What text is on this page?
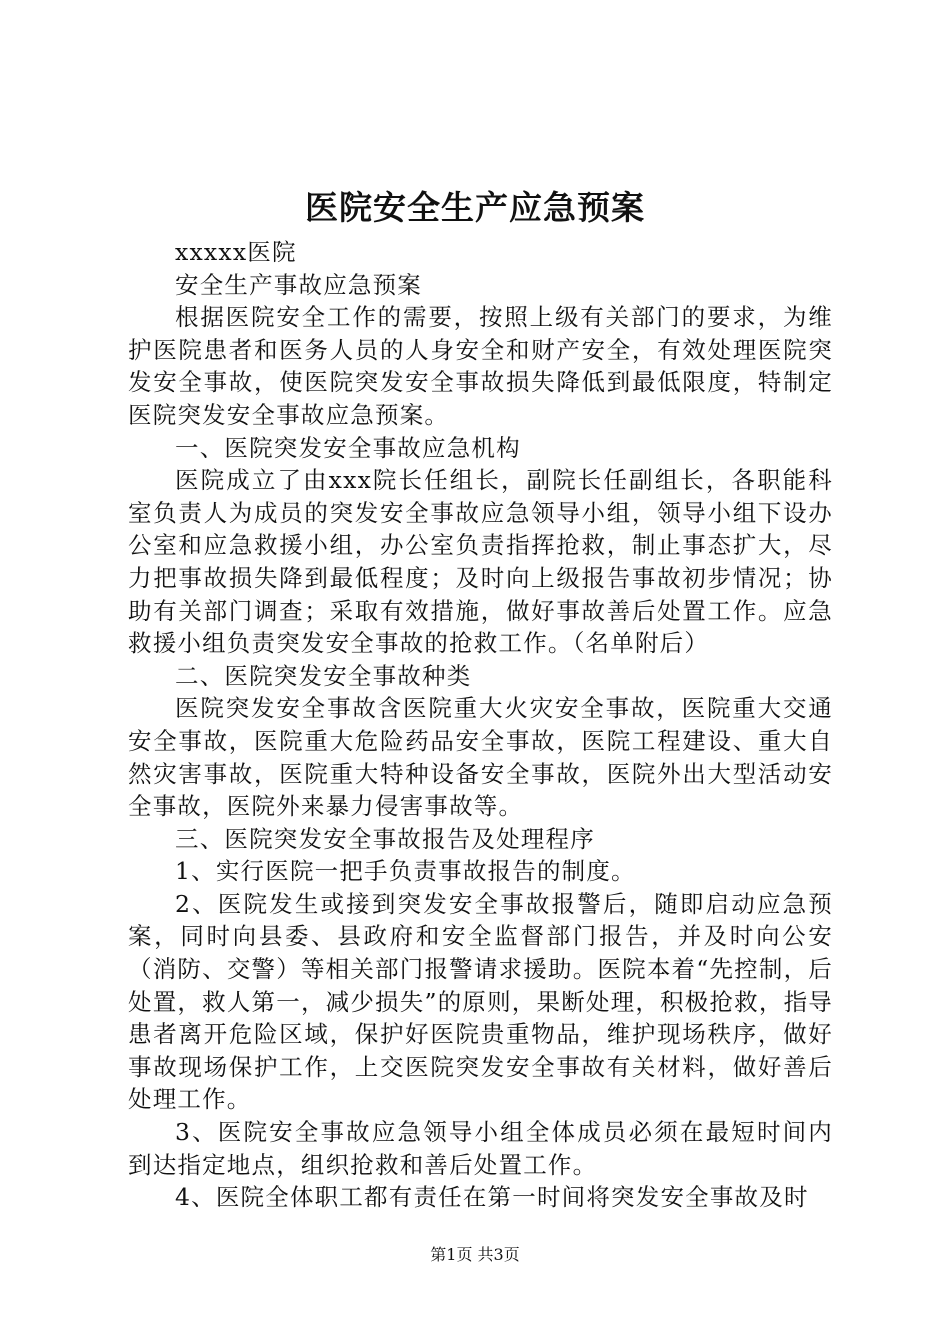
医院安全生产应急预案

xxxxx医院

安全生产事故应急预案

根据医院安全工作的需要，按照上级有关部门的要求，为维护医院患者和医务人员的人身安全和财产安全，有效处理医院突发安全事故，使医院突发安全事故损失降低到最低限度，特制定医院突发安全事故应急预案。

一、医院突发安全事故应急机构

医院成立了由xxx院长任组长，副院长任副组长，各职能科室负责人为成员的突发安全事故应急领导小组，领导小组下设办公室和应急救援小组，办公室负责指挥抢救，制止事态扩大，尽力把事故损失降到最低程度；及时向上级报告事故初步情况；协助有关部门调查；采取有效措施，做好事故善后处置工作。应急救援小组负责突发安全事故的抢救工作。（名单附后）

二、医院突发安全事故种类

医院突发安全事故含医院重大火灾安全事故，医院重大交通安全事故，医院重大危险药品安全事故，医院工程建设、重大自然灾害事故，医院重大特种设备安全事故，医院外出大型活动安全事故，医院外来暴力侵害事故等。

三、医院突发安全事故报告及处理程序

1、实行医院一把手负责事故报告的制度。

2、医院发生或接到突发安全事故报警后，随即启动应急预案，同时向县委、县政府和安全监督部门报告，并及时向公安（消防、交警）等相关部门报警请求援助。医院本着“先控制，后处置，救人第一，减少损失”的原则，果断处理，积极抢救，指导患者离开危险区域，保护好医院贵重物品，维护现场秩序，做好事故现场保护工作，上交医院突发安全事故有关材料，做好善后处理工作。

3、医院安全事故应急领导小组全体成员必须在最短时间内到达指定地点，组织抢救和善后处置工作。

4、医院全体职工都有责任在第一时间将突发安全事故及时

第1页 共3页
